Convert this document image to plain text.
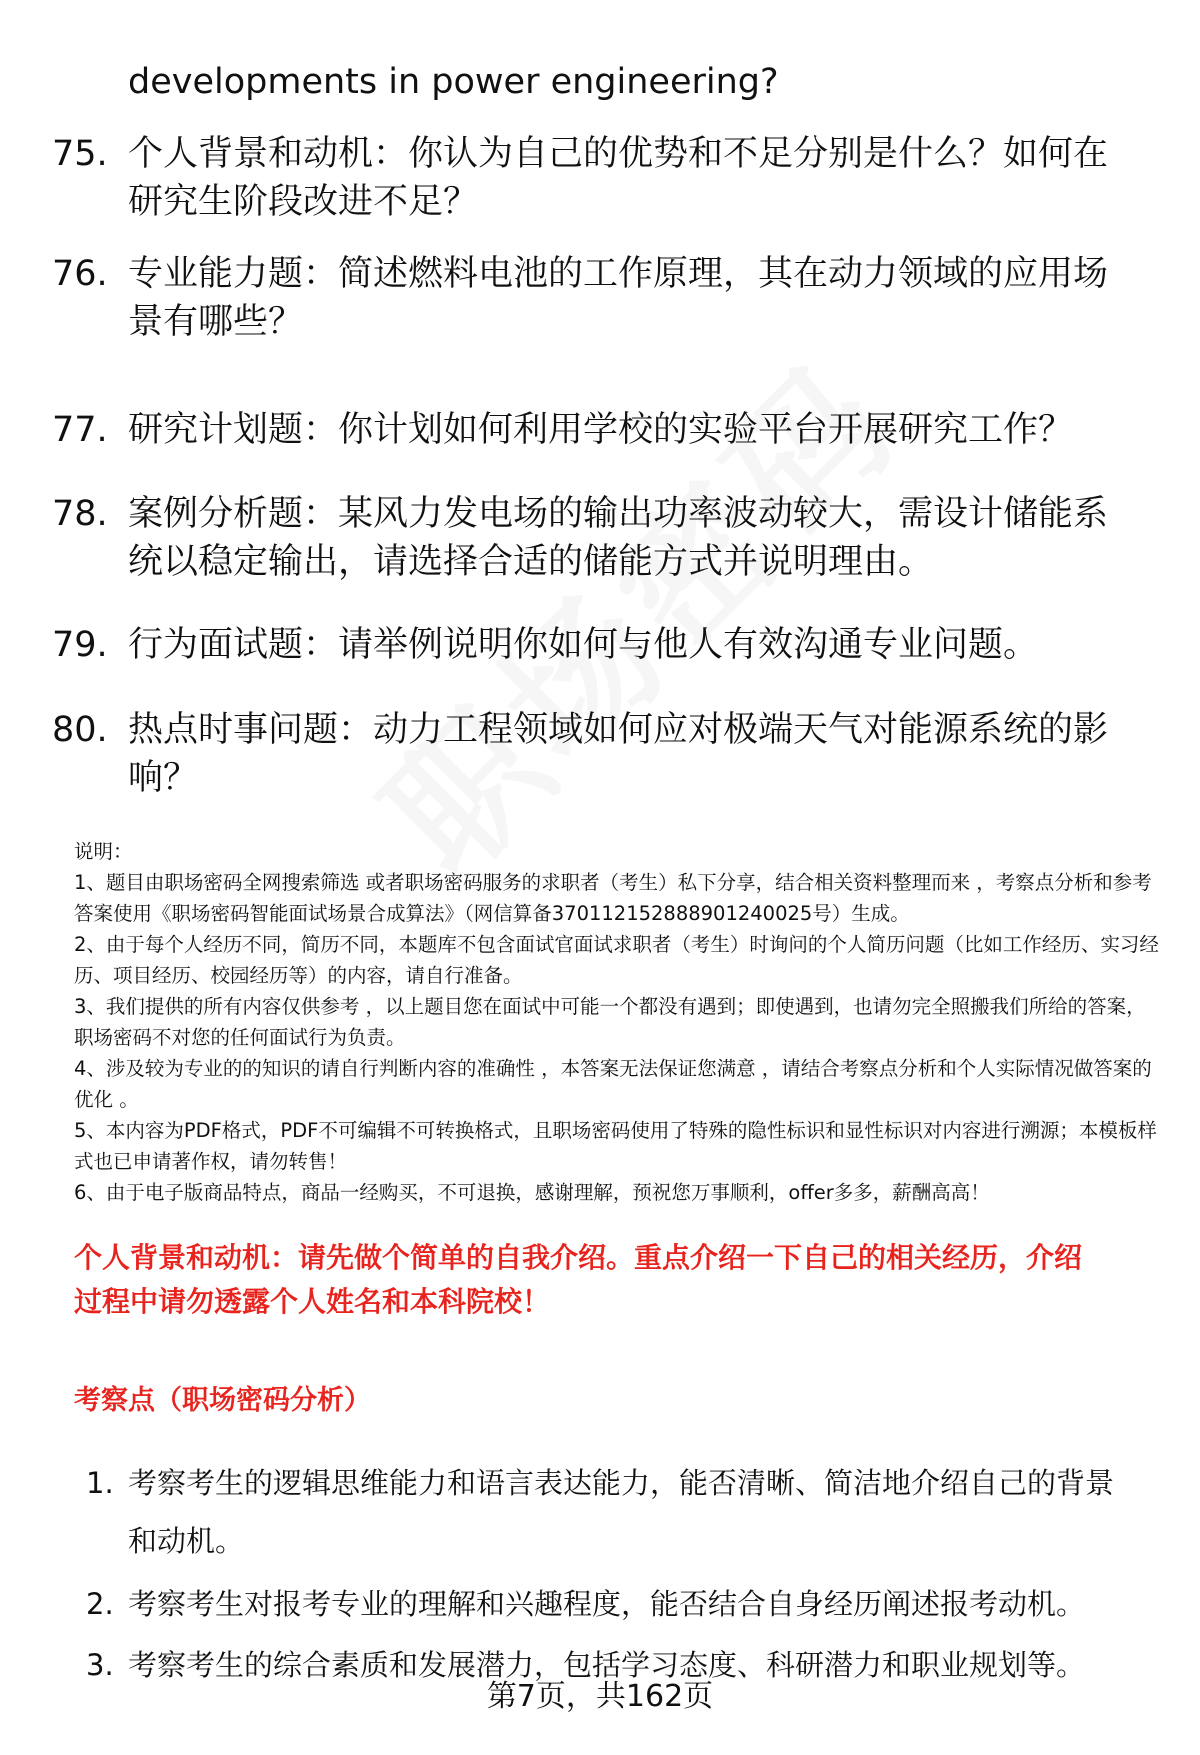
developments in power engineering?

75. 个人背景和动机：你认为自己的优势和不足分别是什么？如何在
研究生阶段改进不足？
76. 专业能力题：简述燃料电池的工作原理，其在动力领域的应用场
景有哪些？
77. 研究计划题：你计划如何利用学校的实验平台开展研究工作？
78. 案例分析题：某风力发电场的输出功率波动较大，需设计储能系
统以稳定输出，请选择合适的储能方式并说明理由。
79. 行为面试题：请举例说明你如何与他人有效沟通专业问题。
80. 热点时事问题：动力工程领域如何应对极端天气对能源系统的影
响？
说明：
1、题目由职场密码全网搜索筛选 或者职场密码服务的求职者（考生）私下分享，结合相关资料整理而来 ，考察点分析和参考答案使用《职场密码智能面试场景合成算法》（网信算备370112152888901240025号）生成。
2、由于每个人经历不同，简历不同，本题库不包含面试官面试求职者（考生）时询问的个人简历问题（比如工作经历、实习经历、项目经历、校园经历等）的内容，请自行准备。
3、我们提供的所有内容仅供参考 ，以上题目您在面试中可能一个都没有遇到；即使遇到，也请勿完全照搬我们所给的答案，职场密码不对您的任何面试行为负责。
4、涉及较为专业的的知识的请自行判断内容的准确性 ，本答案无法保证您满意 ，请结合考察点分析和个人实际情况做答案的优化 。
5、本内容为PDF格式，PDF不可编辑不可转换格式，且职场密码使用了特殊的隐性标识和显性标识对内容进行溯源；本模板样式也已申请著作权，请勿转售！
6、由于电子版商品特点，商品一经购买，不可退换，感谢理解，预祝您万事顺利，offer多多，薪酬高高！
个人背景和动机：请先做个简单的自我介绍。重点介绍一下自己的相关经历，介绍
过程中请勿透露个人姓名和本科院校！
考察点（职场密码分析）
1. 考察考生的逻辑思维能力和语言表达能力，能否清晰、简洁地介绍自己的背景
和动机。
2. 考察考生对报考专业的理解和兴趣程度，能否结合自身经历阐述报考动机。
3. 考察考生的综合素质和发展潜力，包括学习态度、科研潜力和职业规划等。
第7页，共162页
